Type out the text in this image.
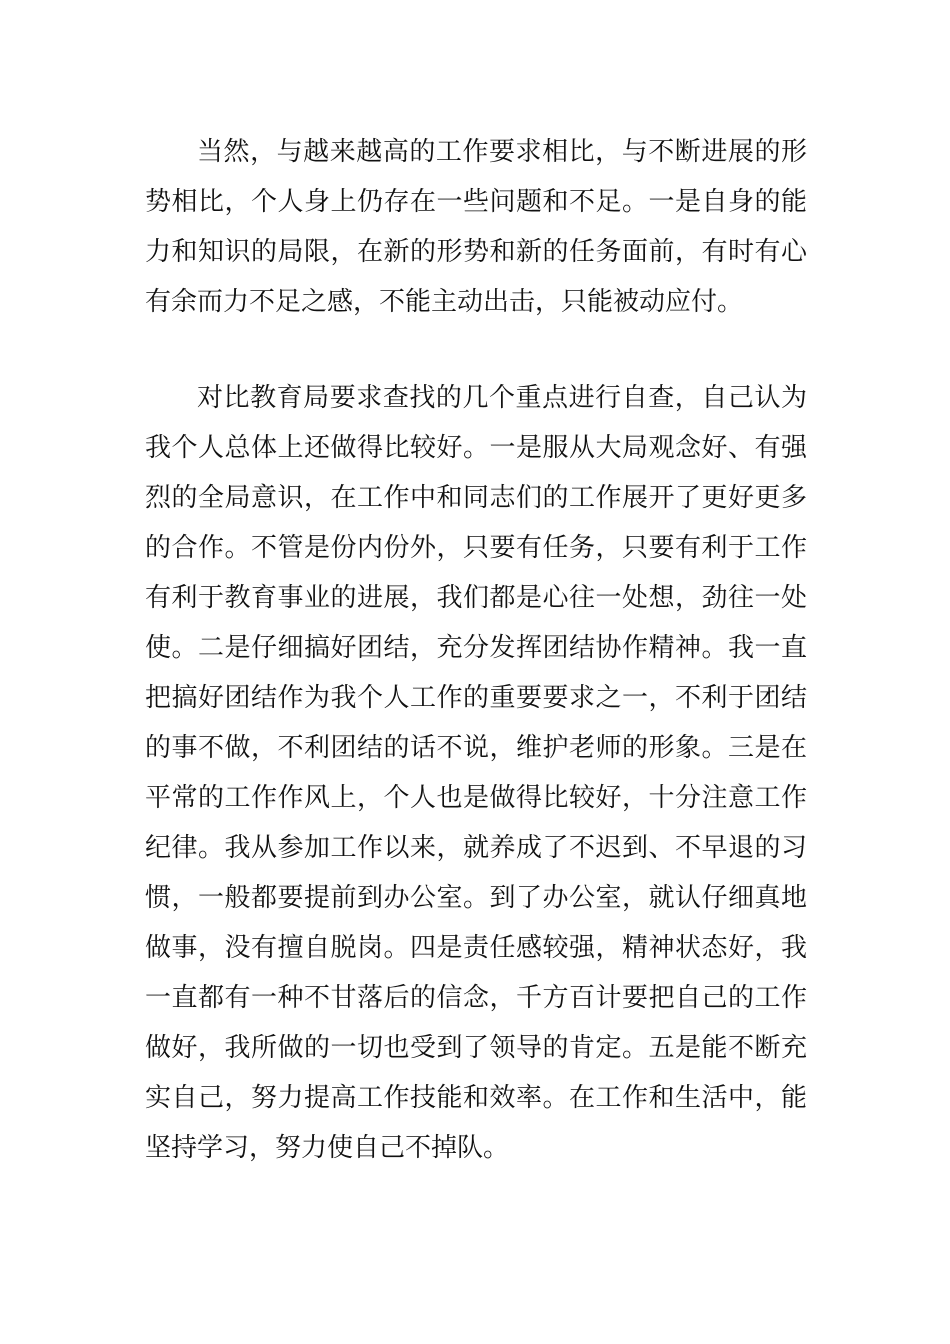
当然，与越来越高的工作要求相比，与不断进展的形
势相比，个人身上仍存在一些问题和不足。一是自身的能
力和知识的局限，在新的形势和新的任务面前，有时有心
有余而力不足之感，不能主动出击，只能被动应付。
对比教育局要求查找的几个重点进行自查，自己认为
我个人总体上还做得比较好。一是服从大局观念好、有强
烈的全局意识，在工作中和同志们的工作展开了更好更多
的合作。不管是份内份外，只要有任务，只要有利于工作
有利于教育事业的进展，我们都是心往一处想，劲往一处
使。二是仔细搞好团结，充分发挥团结协作精神。我一直
把搞好团结作为我个人工作的重要要求之一，不利于团结
的事不做，不利团结的话不说，维护老师的形象。三是在
平常的工作作风上，个人也是做得比较好，十分注意工作
纪律。我从参加工作以来，就养成了不迟到、不早退的习
惯，一般都要提前到办公室。到了办公室，就认仔细真地
做事，没有擅自脱岗。四是责任感较强，精神状态好，我
一直都有一种不甘落后的信念，千方百计要把自己的工作
做好，我所做的一切也受到了领导的肯定。五是能不断充
实自己，努力提高工作技能和效率。在工作和生活中，能
坚持学习，努力使自己不掉队。
